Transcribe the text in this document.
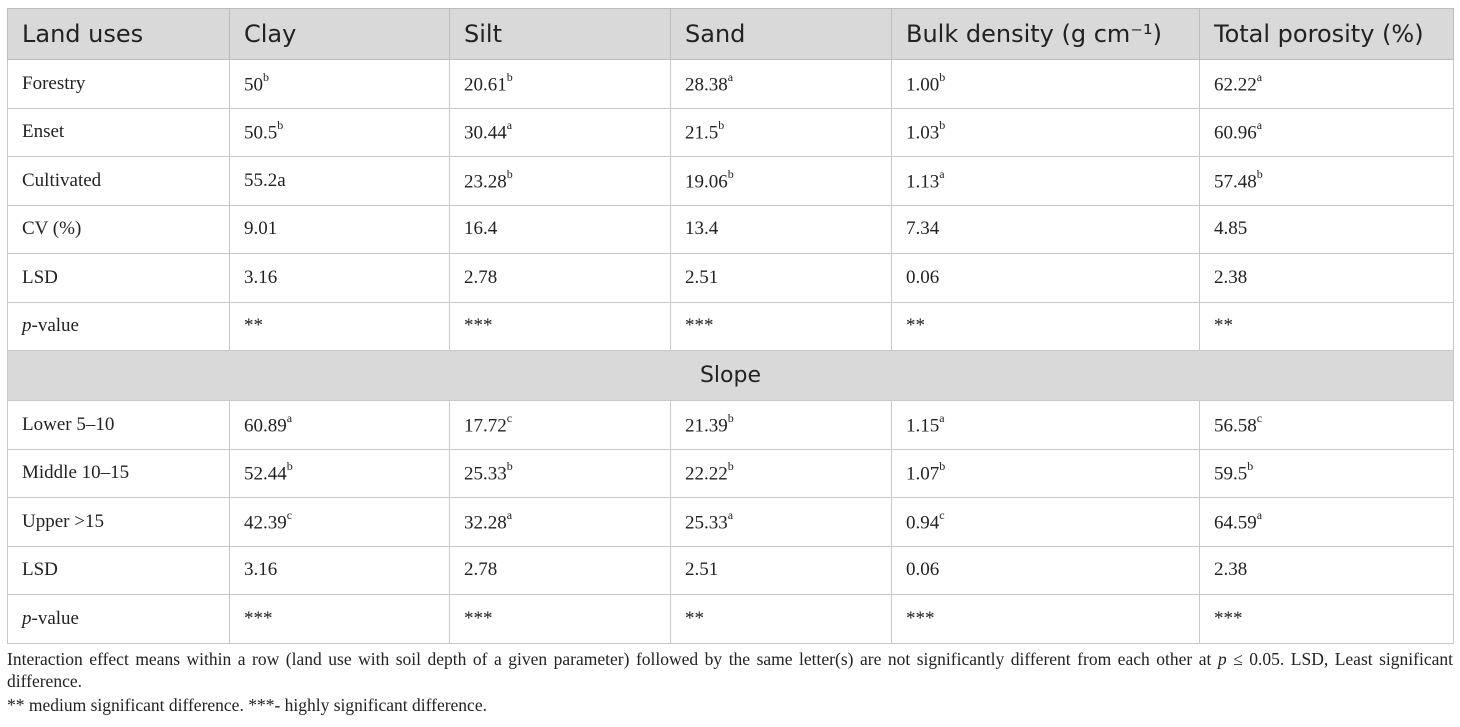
Land uses	Clay	Silt	Sand	Bulk density (g cm⁻¹)	Total porosity (%)
Forestry	50$^b$	20.61$^b$	28.38$^a$	1.00$^b$	62.22$^a$
Enset	50.5$^b$	30.44$^a$	21.5$^b$	1.03$^b$	60.96$^a$
Cultivated	55.2a	23.28$^b$	19.06$^b$	1.13$^a$	57.48$^b$
CV (%)	9.01	16.4	13.4	7.34	4.85
LSD	3.16	2.78	2.51	0.06	2.38
p-value	**	***	***	**	**
Slope					
Lower 5–10	60.89$^a$	17.72$^c$	21.39$^b$	1.15$^a$	56.58$^c$
Middle 10–15	52.44$^b$	25.33$^b$	22.22$^b$	1.07$^b$	59.5$^b$
Upper >15	42.39$^c$	32.28$^a$	25.33$^a$	0.94$^c$	64.59$^a$
LSD	3.16	2.78	2.51	0.06	2.38
p-value	***	***	**	***	***

Interaction effect means within a row (land use with soil depth of a given parameter) followed by the same letter(s) are not significantly different from each other at p ≤ 0.05. LSD, Least significant difference.

** medium significant difference. ***- highly significant difference.
